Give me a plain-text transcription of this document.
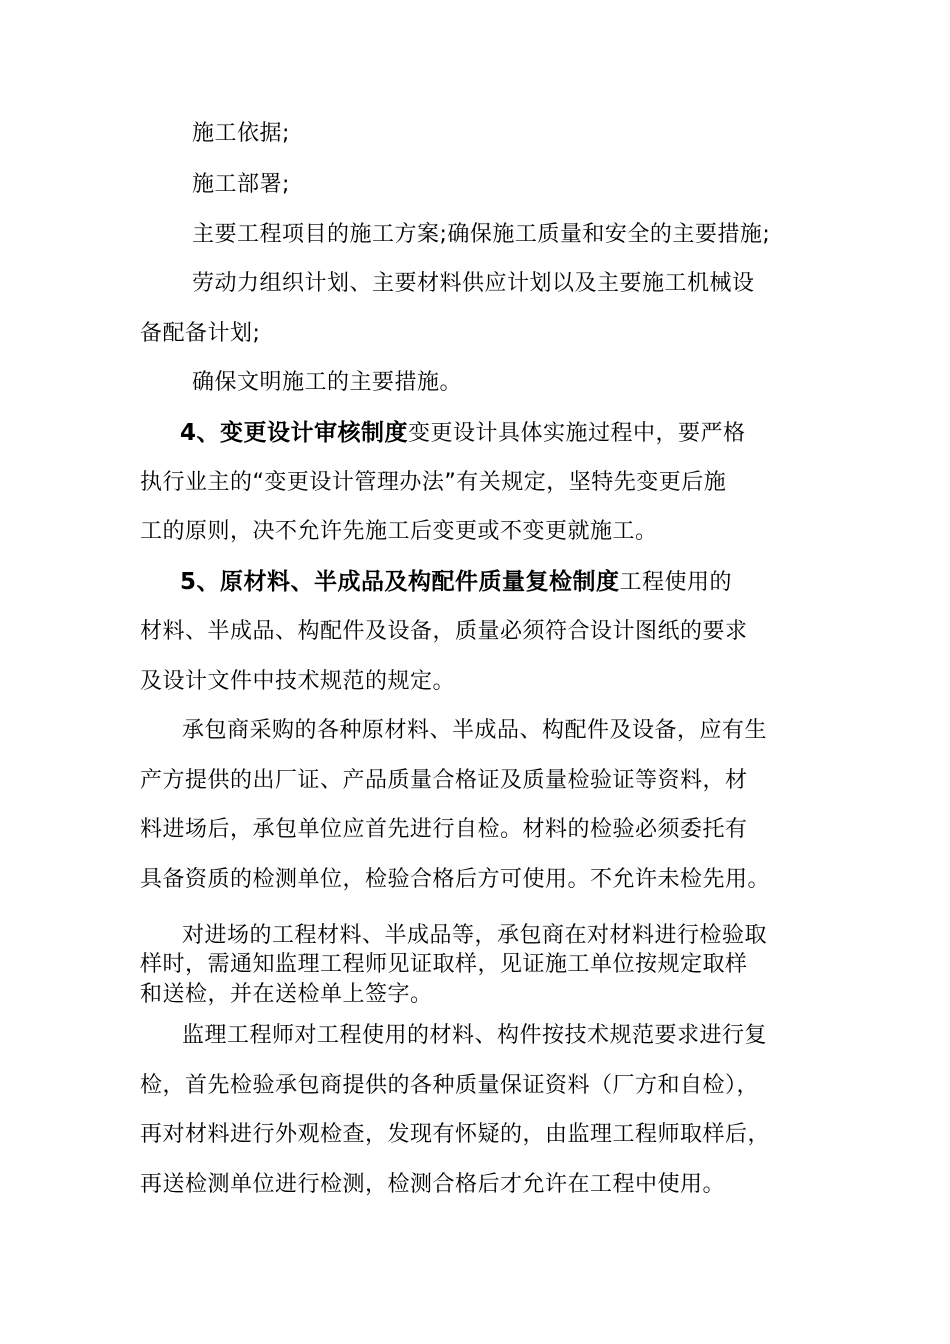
施工依据;
施工部署;
主要工程项目的施工方案;确保施工质量和安全的主要措施;
劳动力组织计划、主要材料供应计划以及主要施工机械设
备配备计划;
确保文明施工的主要措施。
4、变更设计审核制度变更设计具体实施过程中，要严格
执行业主的“变更设计管理办法”有关规定，坚特先变更后施
工的原则，决不允许先施工后变更或不变更就施工。
5、原材料、半成品及构配件质量复检制度工程使用的
材料、半成品、构配件及设备，质量必须符合设计图纸的要求
及设计文件中技术规范的规定。
承包商采购的各种原材料、半成品、构配件及设备，应有生
产方提供的出厂证、产品质量合格证及质量检验证等资料，材
料进场后，承包单位应首先进行自检。材料的检验必须委托有
具备资质的检测单位，检验合格后方可使用。不允许未检先用。
对进场的工程材料、半成品等，承包商在对材料进行检验取
样时，需通知监理工程师见证取样，见证施工单位按规定取样
和送检，并在送检单上签字。
监理工程师对工程使用的材料、构件按技术规范要求进行复
检，首先检验承包商提供的各种质量保证资料（厂方和自检），
再对材料进行外观检查，发现有怀疑的，由监理工程师取样后，
再送检测单位进行检测，检测合格后才允许在工程中使用。
